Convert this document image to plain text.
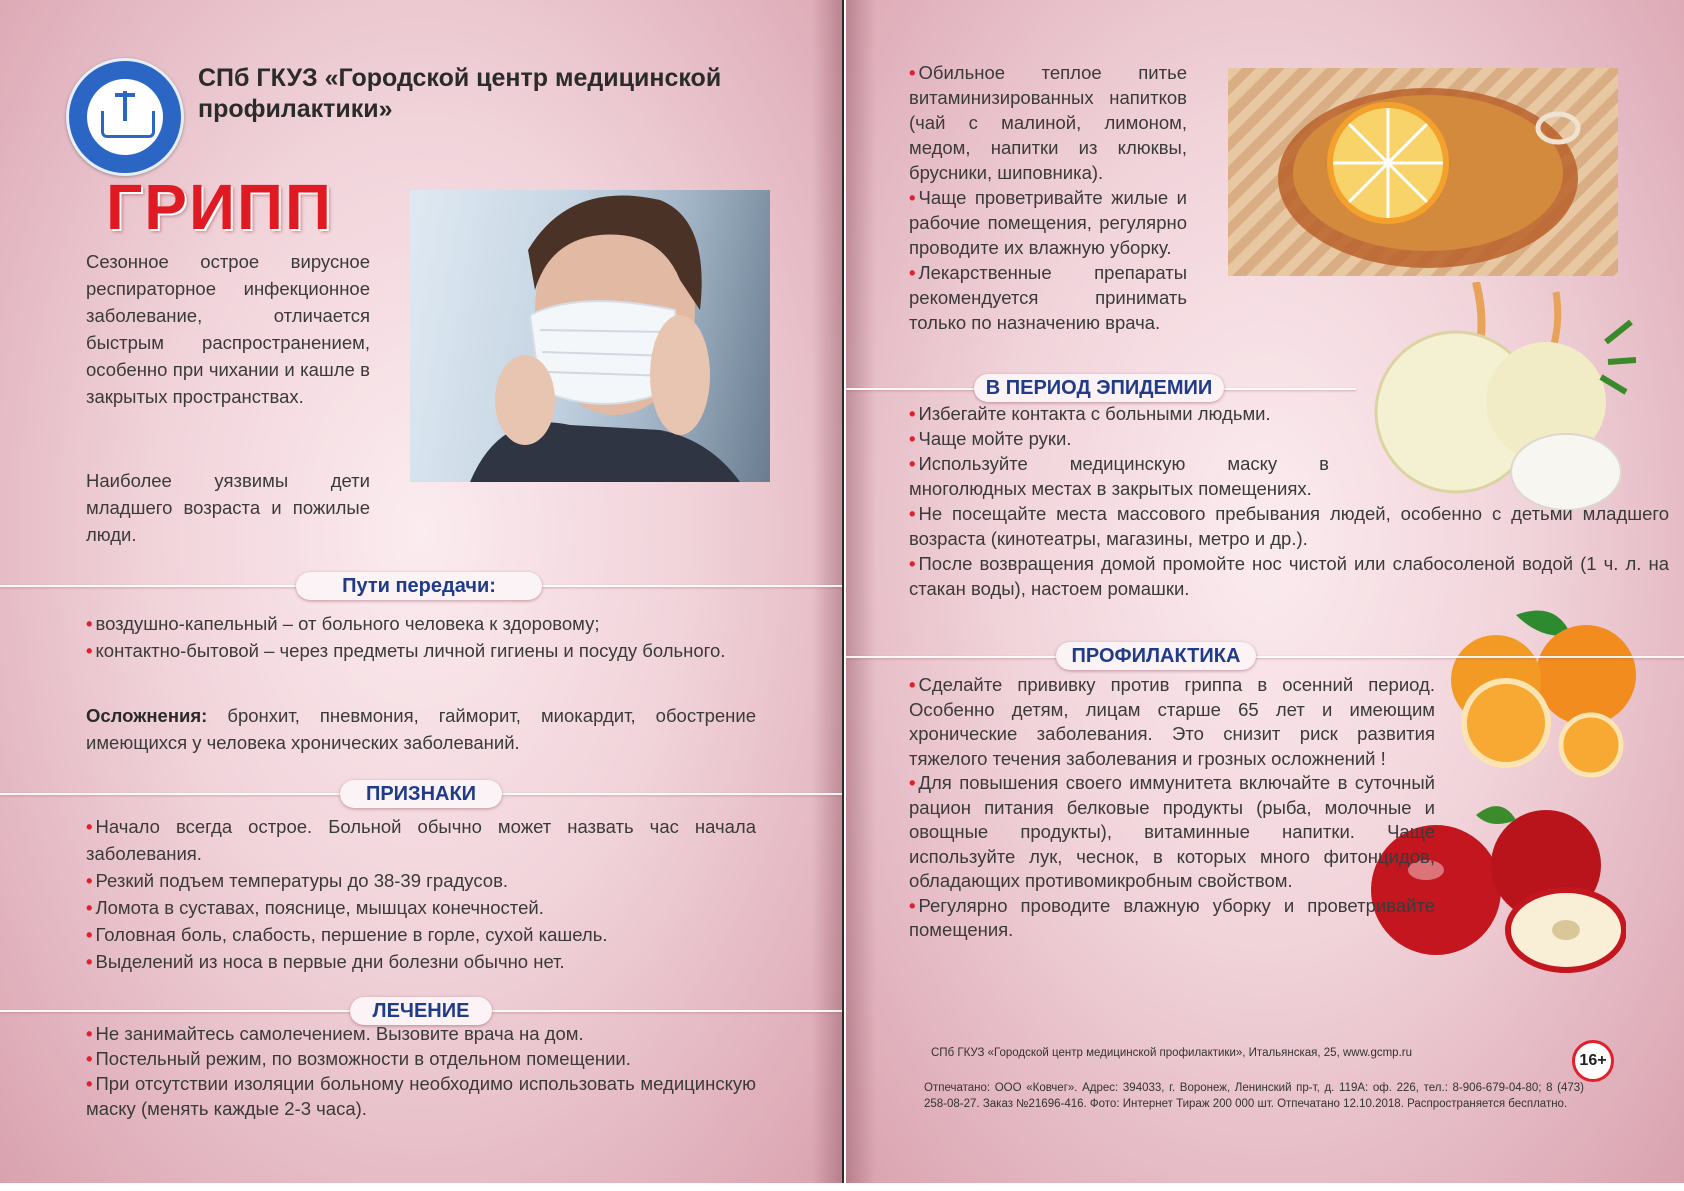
СПб ГКУЗ «Городской центр медицинской
профилактики»
ГРИПП
Сезонное острое вирусное респираторное инфекционное заболевание, отличается быстрым распространением, особенно при чихании и кашле в закрытых пространствах.
Наиболее уязвимы дети младшего возраста и пожилые люди.
Пути передачи:

• воздушно-капельный – от больного человека к здоровому;

• контактно-бытовой – через предметы личной гигиены и посуду больного.

Осложнения: бронхит, пневмония, гайморит, миокардит, обострение имеющихся у человека хронических заболеваний.
ПРИЗНАКИ

• Начало всегда острое. Больной обычно может назвать час начала заболевания.

• Резкий подъем температуры до 38-39 градусов.

• Ломота в суставах, пояснице, мышцах конечностей.

• Головная боль, слабость, першение в горле, сухой кашель.

• Выделений из носа в первые дни болезни обычно нет.

ЛЕЧЕНИЕ

• Не занимайтесь самолечением. Вызовите врача на дом.

• Постельный режим, по возможности в отдельном помещении.

• При отсутствии изоляции больному необходимо использовать медицинскую маску (менять каждые 2-3 часа).

• Обильное теплое питье витаминизированных напитков (чай с малиной, лимоном, медом, напитки из клюквы, брусники, шиповника).

• Чаще проветривайте жилые и рабочие помещения, регулярно проводите их влажную уборку.

• Лекарственные препараты рекомендуется принимать только по назначению врача.

В ПЕРИОД ЭПИДЕМИИ

• Избегайте контакта с больными людьми.

• Чаще мойте руки.

• Используйте медицинскую маску в многолюдных местах в закрытых помещениях.

• Не посещайте места массового пребывания людей, особенно с детьми младшего возраста (кинотеатры, магазины, метро и др.).

• После возвращения домой промойте нос чистой или слабосоленой водой (1 ч. л. на стакан воды), настоем ромашки.

ПРОФИЛАКТИКА

• Сделайте прививку против гриппа в осенний период. Особенно детям, лицам старше 65 лет и имеющим хронические заболевания. Это снизит риск развития тяжелого течения заболевания и грозных осложнений !

• Для повышения своего иммунитета включайте в суточный рацион питания белковые продукты (рыба, молочные и овощные продукты), витаминные напитки. Чаще используйте лук, чеснок, в которых много фитонцидов, обладающих противомикробным свойством.

• Регулярно проводите влажную уборку и проветривайте помещения.

СПб ГКУЗ «Городской центр медицинской профилактики», Итальянская, 25, www.gcmp.ru	16+
Отпечатано: ООО «Ковчег». Адрес: 394033, г. Воронеж, Ленинский пр-т, д. 119А: оф. 226, тел.: 8-906-679-04-80; 8 (473) 258-08-27. Заказ №21696-416. Фото: Интернет Тираж 200 000 шт. Отпечатано 12.10.2018. Распространяется бесплатно.
